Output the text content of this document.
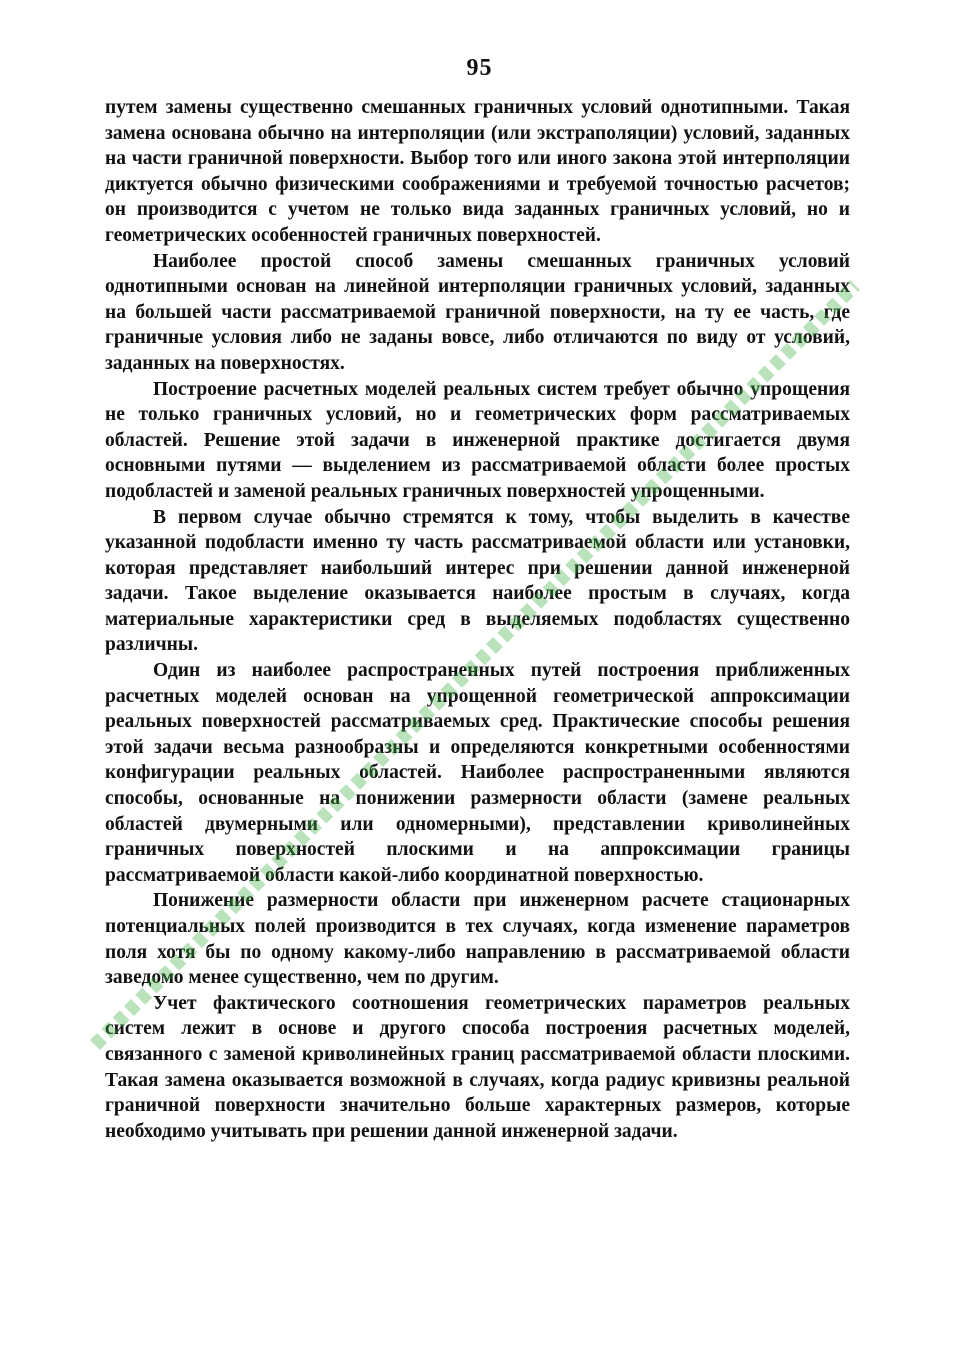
95

путем замены существенно смешанных граничных условий однотипными. Такая замена основана обычно на интерполяции (или экстраполяции) условий, заданных на части граничной поверхности. Выбор того или иного закона этой интерполяции диктуется обычно физическими соображениями и требуемой точностью расчетов; он производится с учетом не только вида заданных граничных условий, но и геометрических особенностей граничных поверхностей.

Наиболее простой способ замены смешанных граничных условий однотипными основан на линейной интерполяции граничных условий, заданных на большей части рассматриваемой граничной поверхности, на ту ее часть, где граничные условия либо не заданы вовсе, либо отличаются по виду от условий, заданных на поверхностях.

Построение расчетных моделей реальных систем требует обычно упрощения не только граничных условий, но и геометрических форм рассматриваемых областей. Решение этой задачи в инженерной практике достигается двумя основными путями — выделением из рассматриваемой области более простых подобластей и заменой реальных граничных поверхностей упрощенными.

В первом случае обычно стремятся к тому, чтобы выделить в качестве указанной подобласти именно ту часть рассматриваемой области или установки, которая представляет наибольший интерес при решении данной инженерной задачи. Такое выделение оказывается наиболее простым в случаях, когда материальные характеристики сред в выделяемых подобластях существенно различны.

Один из наиболее распространенных путей построения приближенных расчетных моделей основан на упрощенной геометрической аппроксимации реальных поверхностей рассматриваемых сред. Практические способы решения этой задачи весьма разнообразны и определяются конкретными особенностями конфигурации реальных областей. Наиболее распространенными являются способы, основанные на понижении размерности области (замене реальных областей двумерными или одномерными), представлении криволинейных граничных поверхностей плоскими и на аппроксимации границы рассматриваемой области какой-либо координатной поверхностью.

Понижение размерности области при инженерном расчете стационарных потенциальных полей производится в тех случаях, когда изменение параметров поля хотя бы по одному какому-либо направлению в рассматриваемой области заведомо менее существенно, чем по другим.

Учет фактического соотношения геометрических параметров реальных систем лежит в основе и другого способа построения расчетных моделей, связанного с заменой криволинейных границ рассматриваемой области плоскими. Такая замена оказывается возможной в случаях, когда радиус кривизны реальной граничной поверхности значительно больше характерных размеров, которые необходимо учитывать при решении данной инженерной задачи.
